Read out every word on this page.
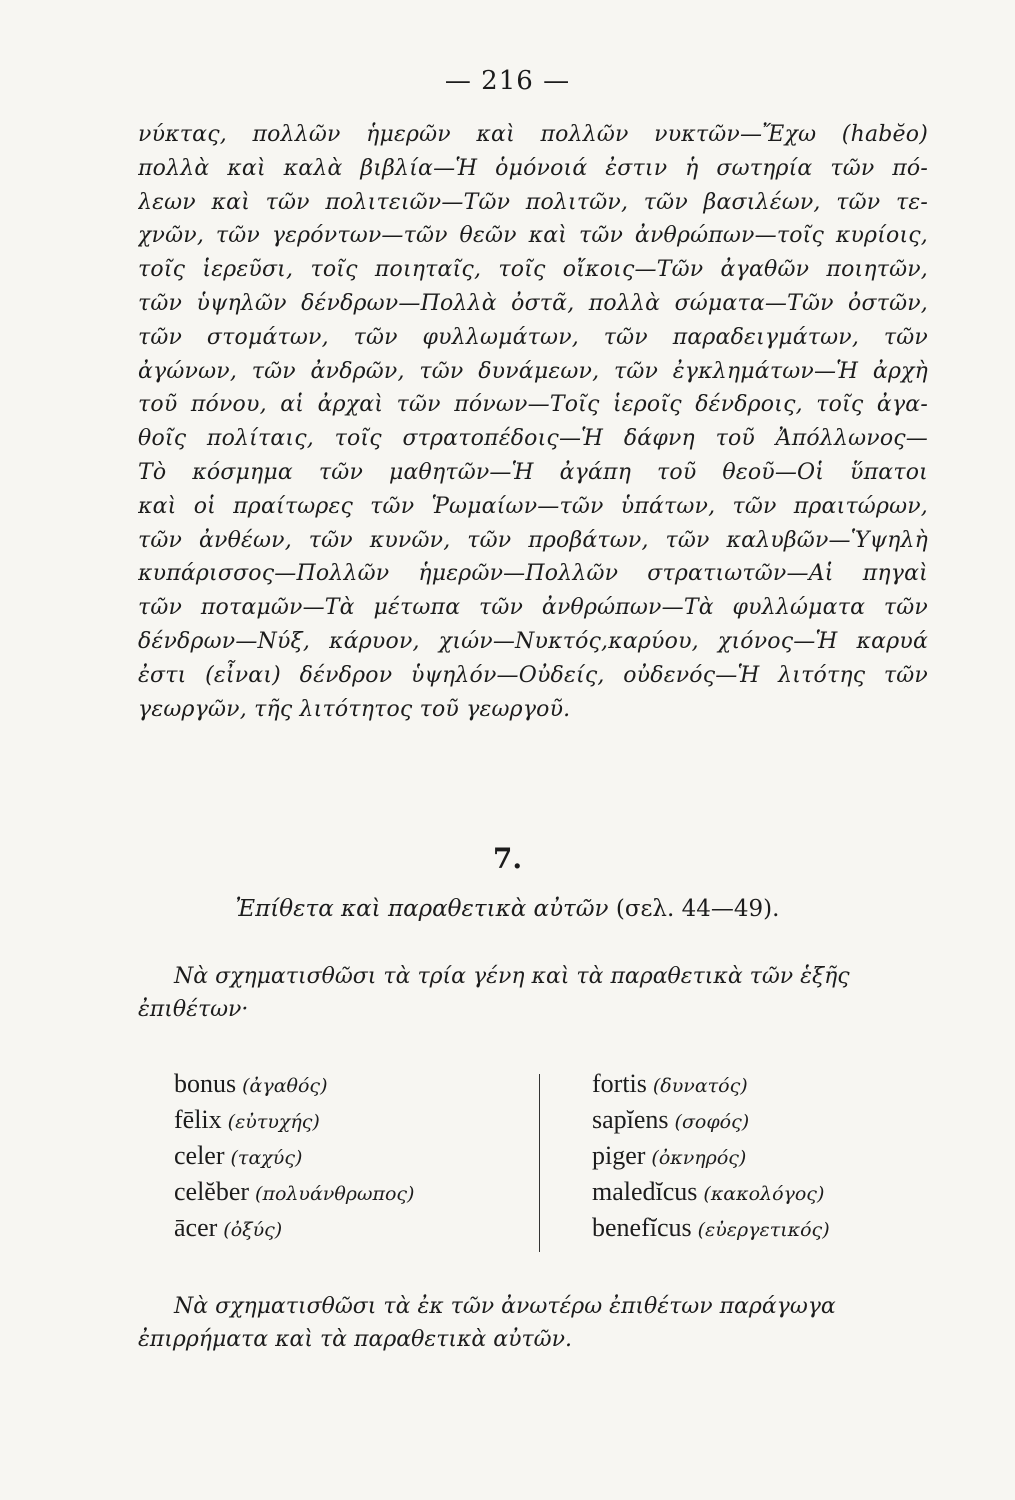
— 216 —
νύκτας, πολλῶν ἡμερῶν καὶ πολλῶν νυκτῶν—Ἔχω (habĕo)
πολλὰ καὶ καλὰ βιβλία—Ἡ ὁμόνοιά ἐστιν ἡ σωτηρία τῶν πό-
λεων καὶ τῶν πολιτειῶν—Τῶν πολιτῶν, τῶν βασιλέων, τῶν τε-
χνῶν, τῶν γερόντων—τῶν θεῶν καὶ τῶν ἀνθρώπων—τοῖς κυρίοις,
τοῖς ἱερεῦσι, τοῖς ποιηταῖς, τοῖς οἴκοις—Τῶν ἀγαθῶν ποιητῶν,
τῶν ὑψηλῶν δένδρων—Πολλὰ ὀστᾶ, πολλὰ σώματα—Τῶν ὀστῶν,
τῶν στομάτων, τῶν φυλλωμάτων, τῶν παραδειγμάτων, τῶν
ἀγώνων, τῶν ἀνδρῶν, τῶν δυνάμεων, τῶν ἐγκλημάτων—Ἡ ἀρχὴ
τοῦ πόνου, αἱ ἀρχαὶ τῶν πόνων—Τοῖς ἱεροῖς δένδροις, τοῖς ἀγα-
θοῖς πολίταις, τοῖς στρατοπέδοις—Ἡ δάφνη τοῦ Ἀπόλλωνος—
Τὸ κόσμημα τῶν μαθητῶν—Ἡ ἀγάπη τοῦ θεοῦ—Οἱ ὕπατοι
καὶ οἱ πραίτωρες τῶν Ῥωμαίων—τῶν ὑπάτων, τῶν πραιτώρων,
τῶν ἀνθέων, τῶν κυνῶν, τῶν προβάτων, τῶν καλυβῶν—Ὑψηλὴ
κυπάρισσος—Πολλῶν ἡμερῶν—Πολλῶν στρατιωτῶν—Αἱ πηγαὶ
τῶν ποταμῶν—Τὰ μέτωπα τῶν ἀνθρώπων—Τὰ φυλλώματα τῶν
δένδρων—Νύξ, κάρυον, χιών—Νυκτός,καρύου, χιόνος—Ἡ καρυά
ἐστι (εἶναι) δένδρον ὑψηλόν—Οὐδείς, οὐδενός—Ἡ λιτότης τῶν
γεωργῶν, τῆς λιτότητος τοῦ γεωργοῦ.
7.
Ἐπίθετα καὶ παραθετικὰ αὐτῶν (σελ. 44—49).
Νὰ σχηματισθῶσι τὰ τρία γένη καὶ τὰ παραθετικὰ τῶν ἑξῆς
ἐπιθέτων·
bonus (ἀγαθός)
fēlix (εὐτυχής)
celer (ταχύς)
celĕber (πολυάνθρωπος)
ācer (ὀξύς)
fortis (δυνατός)
sapĭens (σοφός)
piger (ὀκνηρός)
maledĭcus (κακολόγος)
benefĭcus (εὐεργετικός)
Νὰ σχηματισθῶσι τὰ ἐκ τῶν ἀνωτέρω ἐπιθέτων παράγωγα
ἐπιρρήματα καὶ τὰ παραθετικὰ αὐτῶν.
